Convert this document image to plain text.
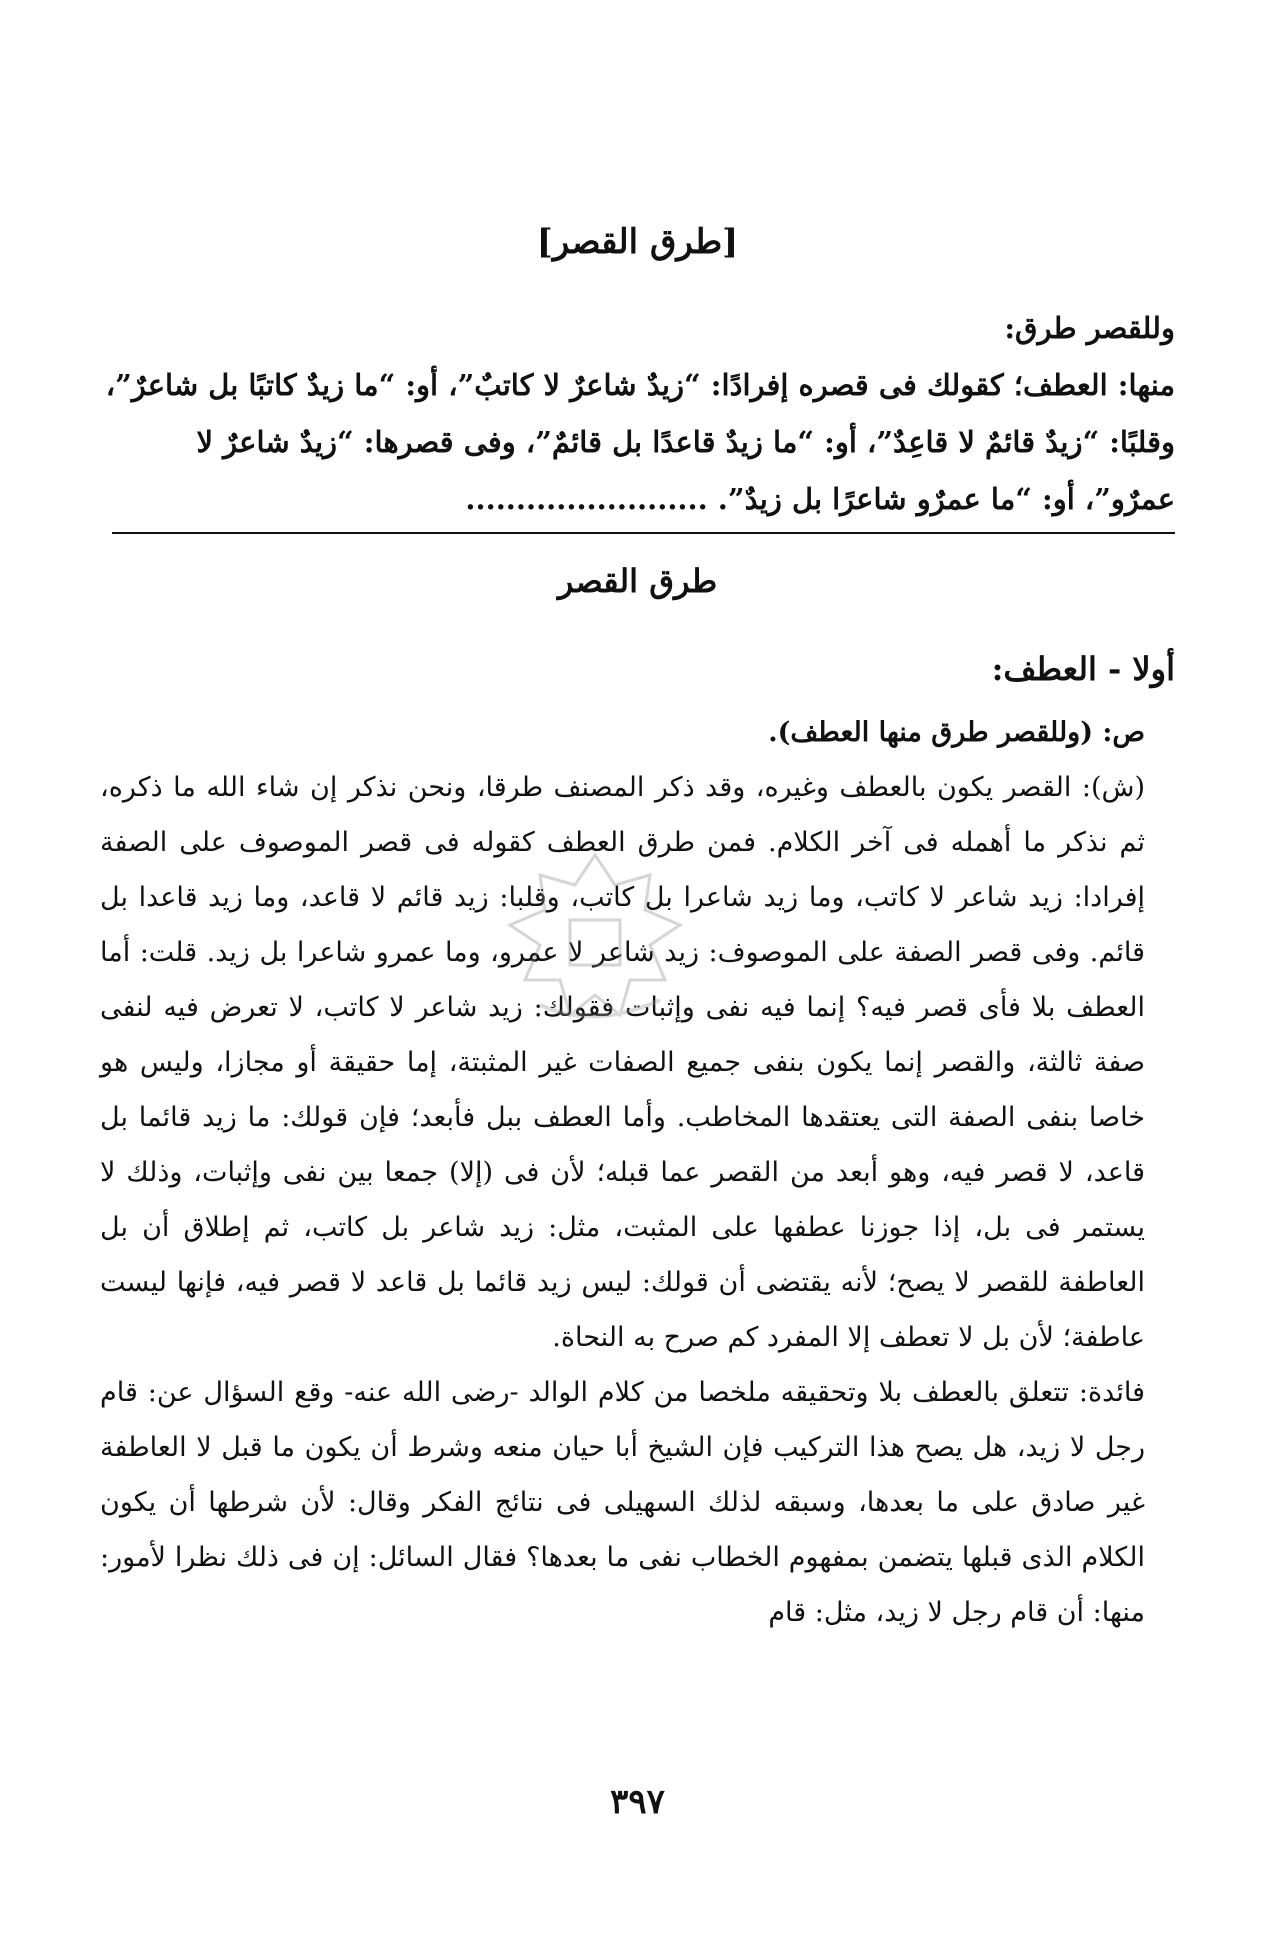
[طرق القصر]

وللقصر طرق:

منها: العطف؛ كقولك فى قصره إفرادًا: “زيدٌ شاعرٌ لا كاتبٌ”، أو: “ما زيدٌ كاتبًا بل شاعرٌ”، وقلبًا: “زيدٌ قائمٌ لا قاعِدٌ”، أو: “ما زيدٌ قاعدًا بل قائمٌ”، وفى قصرها: “زيدٌ شاعرٌ لا عمرٌو”، أو: “ما عمرٌو شاعرًا بل زيدٌ”. ........................

طرق القصر
أولا - العطف:

ص: (وللقصر طرق منها العطف).

(ش): القصر يكون بالعطف وغيره، وقد ذكر المصنف طرقا، ونحن نذكر إن شاء الله ما ذكره، ثم نذكر ما أهمله فى آخر الكلام. فمن طرق العطف كقوله فى قصر الموصوف على الصفة إفرادا: زيد شاعر لا كاتب، وما زيد شاعرا بل كاتب، وقلبا: زيد قائم لا قاعد، وما زيد قاعدا بل قائم. وفى قصر الصفة على الموصوف: زيد شاعر لا عمرو، وما عمرو شاعرا بل زيد. قلت: أما العطف بلا فأى قصر فيه؟ إنما فيه نفى وإثبات فقولك: زيد شاعر لا كاتب، لا تعرض فيه لنفى صفة ثالثة، والقصر إنما يكون بنفى جميع الصفات غير المثبتة، إما حقيقة أو مجازا، وليس هو خاصا بنفى الصفة التى يعتقدها المخاطب. وأما العطف ببل فأبعد؛ فإن قولك: ما زيد قائما بل قاعد، لا قصر فيه، وهو أبعد من القصر عما قبله؛ لأن فى (إلا) جمعا بين نفى وإثبات، وذلك لا يستمر فى بل، إذا جوزنا عطفها على المثبت، مثل: زيد شاعر بل كاتب، ثم إطلاق أن بل العاطفة للقصر لا يصح؛ لأنه يقتضى أن قولك: ليس زيد قائما بل قاعد لا قصر فيه، فإنها ليست عاطفة؛ لأن بل لا تعطف إلا المفرد كم صرح به النحاة.

فائدة: تتعلق بالعطف بلا وتحقيقه ملخصا من كلام الوالد -رضى الله عنه- وقع السؤال عن: قام رجل لا زيد، هل يصح هذا التركيب فإن الشيخ أبا حيان منعه وشرط أن يكون ما قبل لا العاطفة غير صادق على ما بعدها، وسبقه لذلك السهيلى فى نتائج الفكر وقال: لأن شرطها أن يكون الكلام الذى قبلها يتضمن بمفهوم الخطاب نفى ما بعدها؟ فقال السائل: إن فى ذلك نظرا لأمور: منها: أن قام رجل لا زيد، مثل: قام

٣٩٧
